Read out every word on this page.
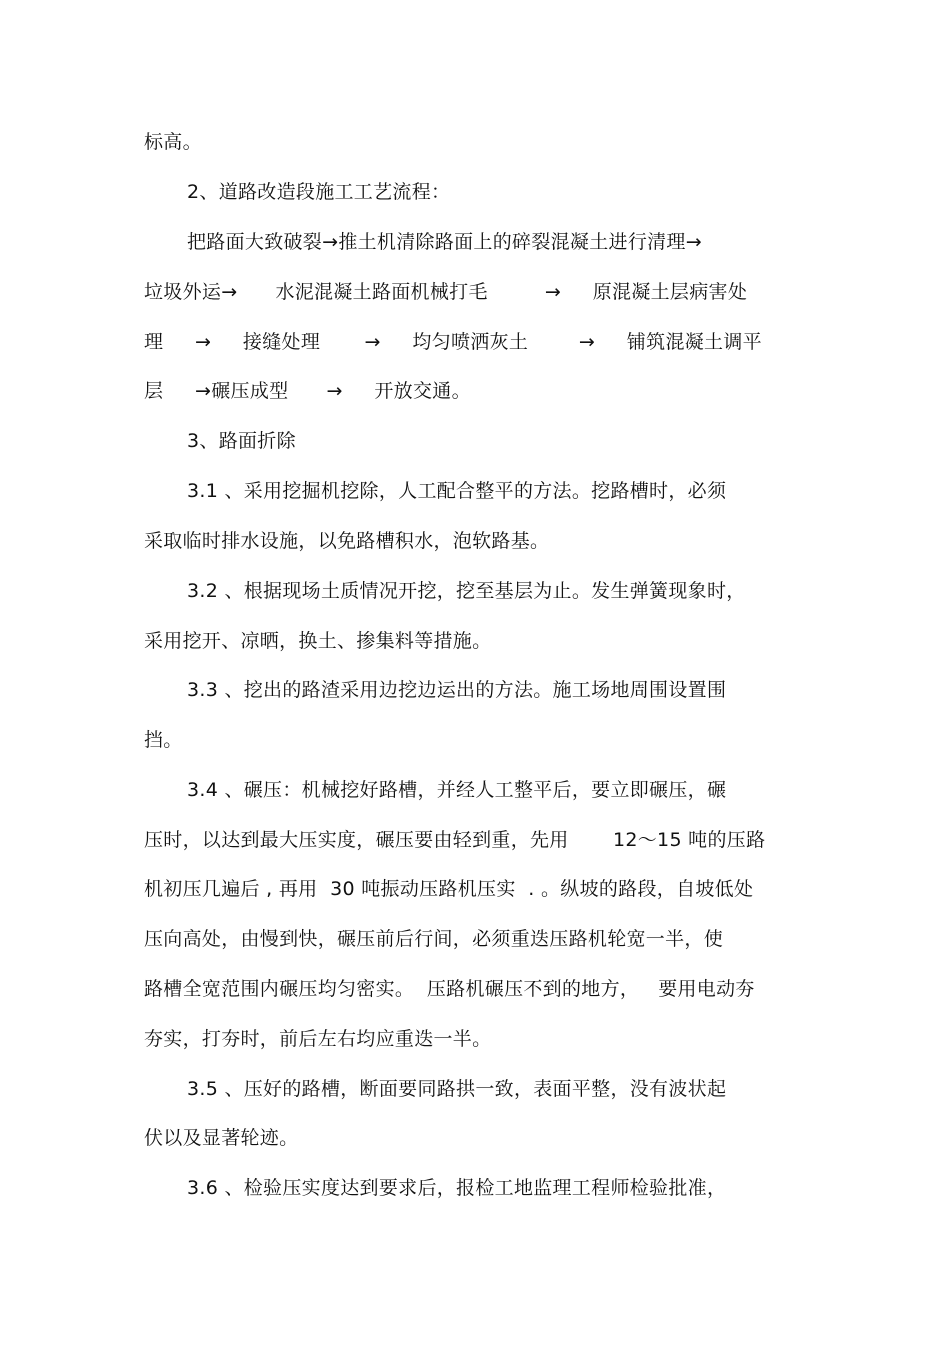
标高。
2、道路改造段施工工艺流程：
把路面大致破裂→推土机清除路面上的碎裂混凝土进行清理→
垃圾外运→      水泥混凝土路面机械打毛         →     原混凝土层病害处
理     →     接缝处理       →     均匀喷洒灰土        →     铺筑混凝土调平
层     →碾压成型      →     开放交通。
3、路面折除
3.1 、采用挖掘机挖除，人工配合整平的方法。挖路槽时，必须
采取临时排水设施，以免路槽积水，泡软路基。
3.2 、根据现场土质情况开挖，挖至基层为止。发生弹簧现象时，
采用挖开、凉晒，换土、掺集料等措施。
3.3 、挖出的路渣采用边挖边运出的方法。施工场地周围设置围
挡。
3.4 、碾压：机械挖好路槽，并经人工整平后，要立即碾压，碾
压时，以达到最大压实度，碾压要由轻到重，先用       12～15 吨的压路
机初压几遍后 , 再用  30 吨振动压路机压实  . 。纵坡的路段，自坡低处
压向高处，由慢到快，碾压前后行间，必须重迭压路机轮宽一半，使
路槽全宽范围内碾压均匀密实。  压路机碾压不到的地方，   要用电动夯
夯实，打夯时，前后左右均应重迭一半。
3.5 、压好的路槽，断面要同路拱一致，表面平整，没有波状起
伏以及显著轮迹。
3.6 、检验压实度达到要求后，报检工地监理工程师检验批准，
